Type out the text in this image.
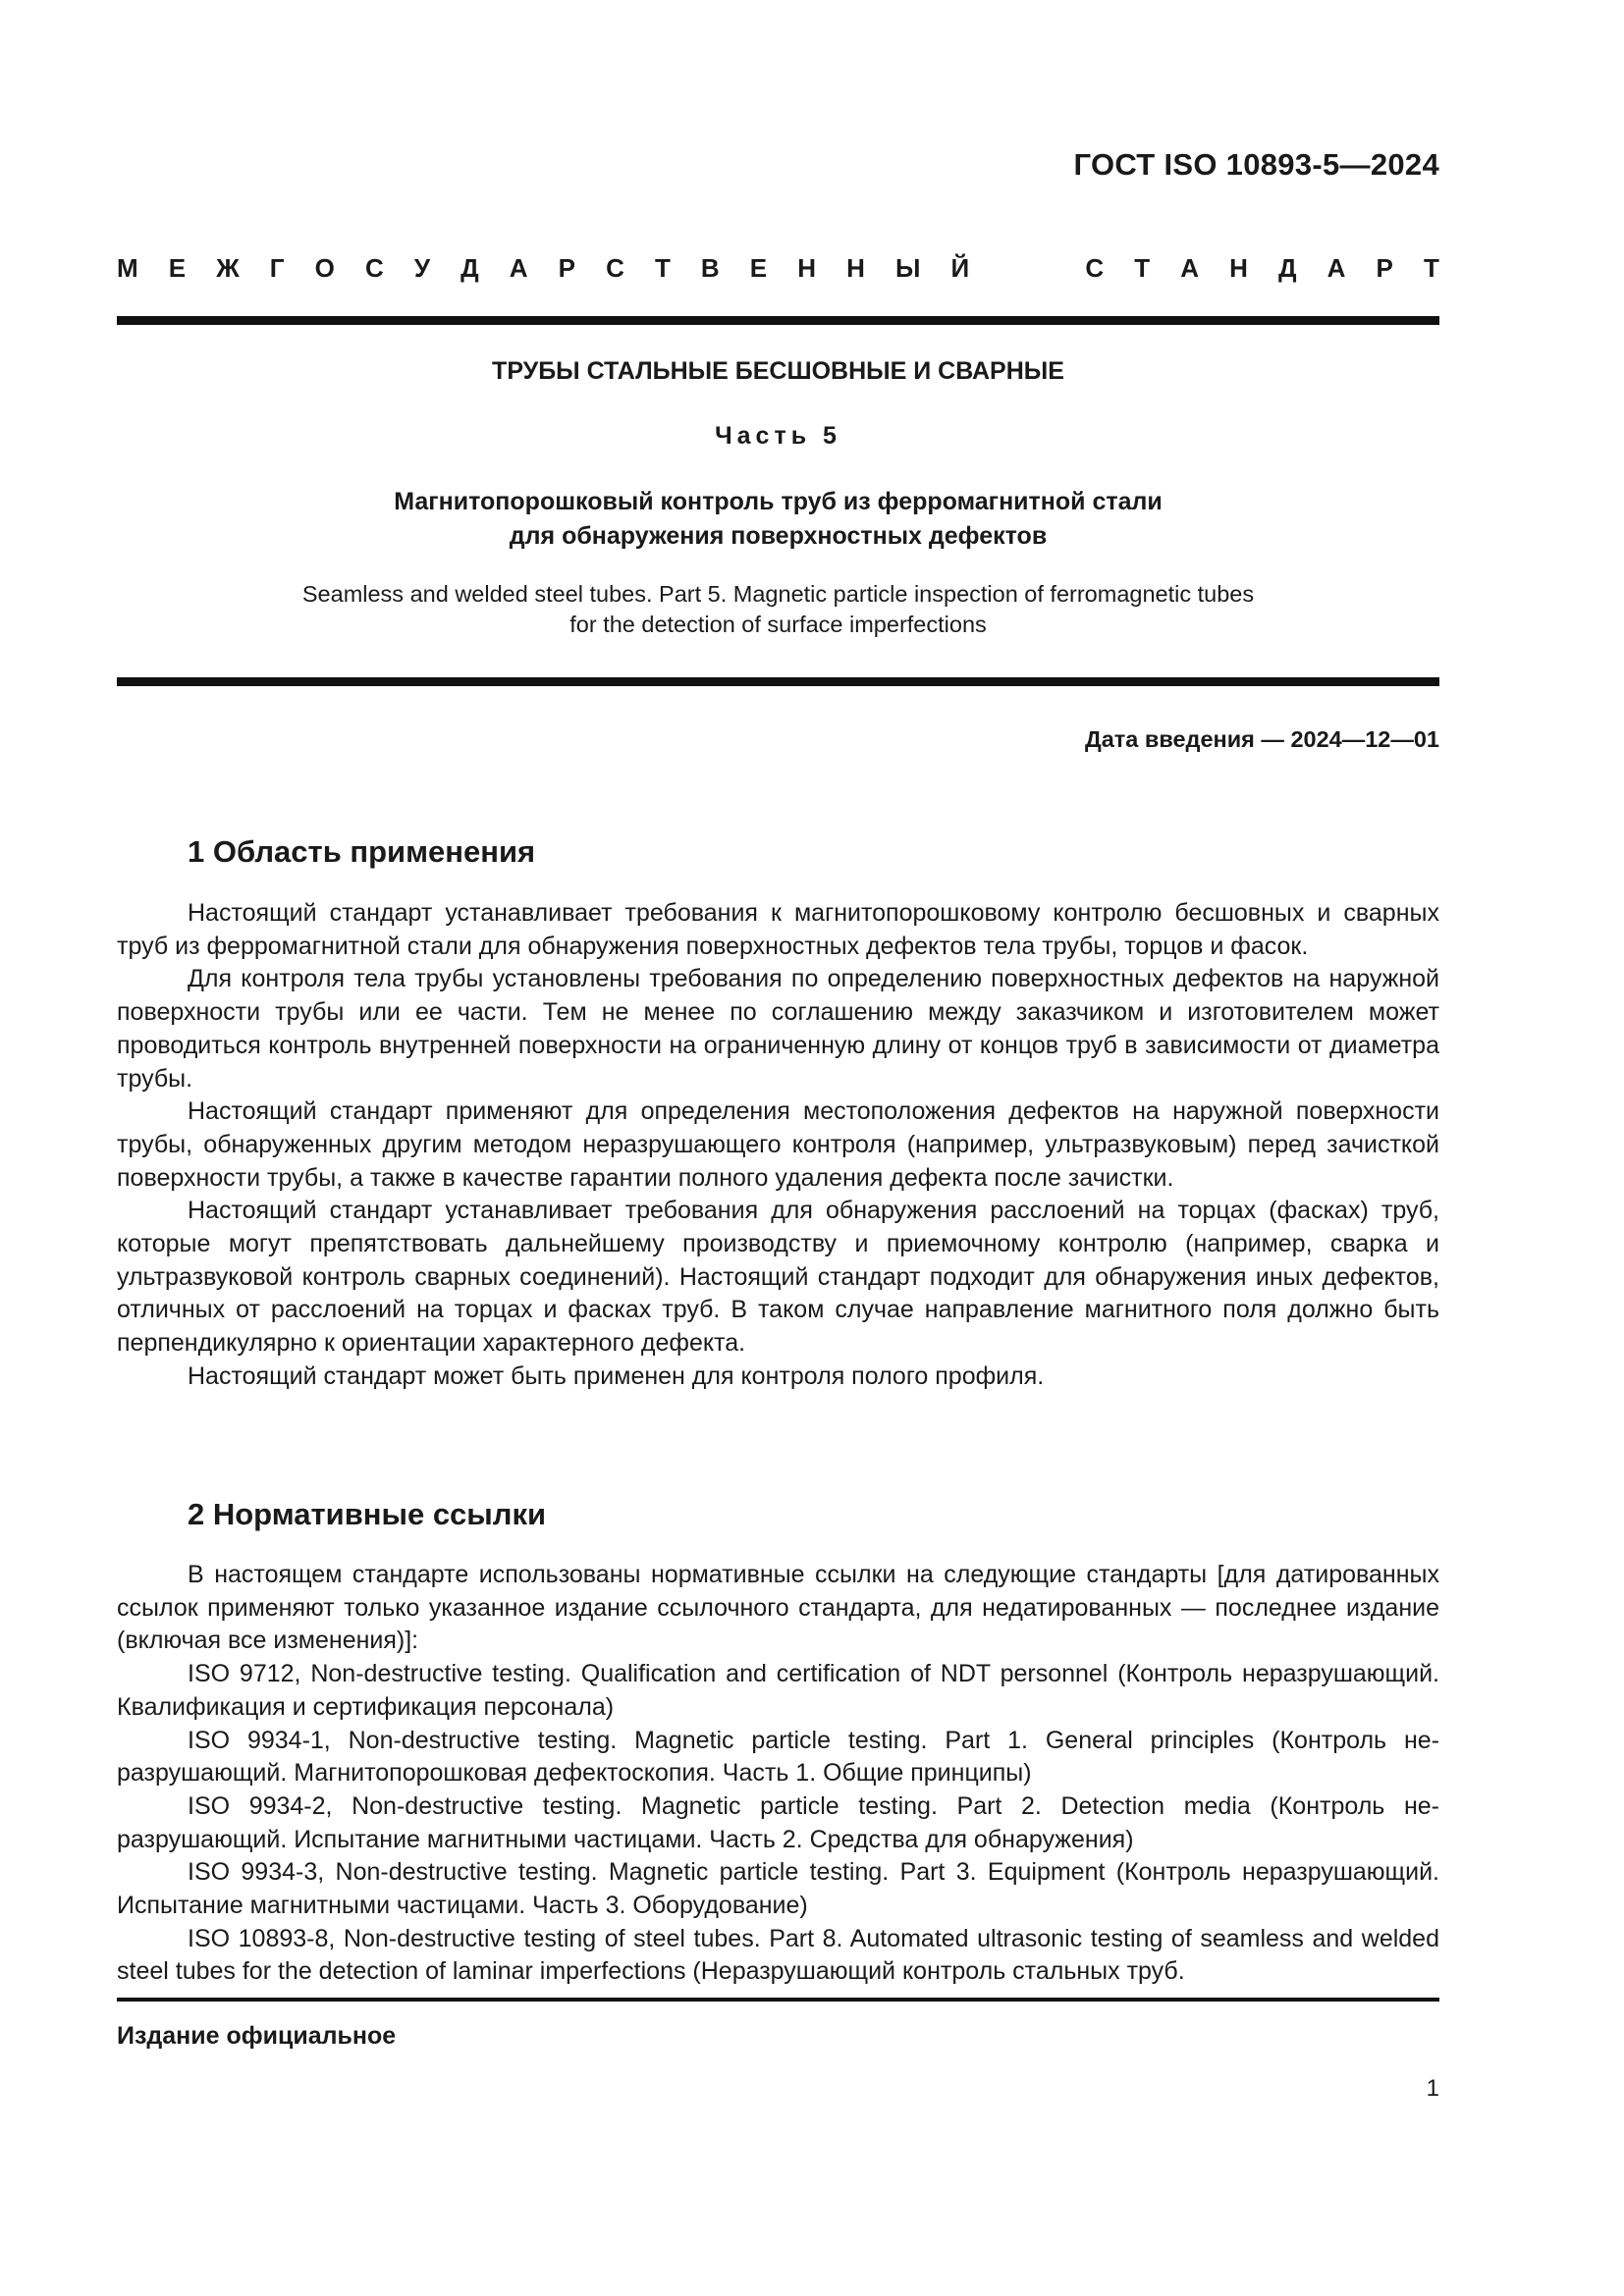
ГОСТ ISO 10893-5—2024
М Е Ж Г О С У Д А Р С Т В Е Н Н Ы Й	С Т А Н Д А Р Т
ТРУБЫ СТАЛЬНЫЕ БЕСШОВНЫЕ И СВАРНЫЕ
Часть 5
Магнитопорошковый контроль труб из ферромагнитной стали
для обнаружения поверхностных дефектов
Seamless and welded steel tubes. Part 5. Magnetic particle inspection of ferromagnetic tubes
for the detection of surface imperfections
Дата введения — 2024—12—01
1 Область применения

Настоящий стандарт устанавливает требования к магнитопорошковому контролю бесшовных и сварных труб из ферромагнитной стали для обнаружения поверхностных дефектов тела трубы, торцов и фасок.

Для контроля тела трубы установлены требования по определению поверхностных дефектов на наружной поверхности трубы или ее части. Тем не менее по соглашению между заказчиком и изготовителем может проводиться контроль внутренней поверхности на ограниченную длину от концов труб в зависимости от диаметра трубы.

Настоящий стандарт применяют для определения местоположения дефектов на наружной поверхности трубы, обнаруженных другим методом неразрушающего контроля (например, ультразвуковым) перед зачисткой поверхности трубы, а также в качестве гарантии полного удаления дефекта после зачистки.

Настоящий стандарт устанавливает требования для обнаружения расслоений на торцах (фасках) труб, которые могут препятствовать дальнейшему производству и приемочному контролю (например, сварка и ультразвуковой контроль сварных соединений). Настоящий стандарт подходит для обнаружения иных дефектов, отличных от расслоений на торцах и фасках труб. В таком случае направление магнитного поля должно быть перпендикулярно к ориентации характерного дефекта.

Настоящий стандарт может быть применен для контроля полого профиля.

2 Нормативные ссылки

В настоящем стандарте использованы нормативные ссылки на следующие стандарты [для датированных ссылок применяют только указанное издание ссылочного стандарта, для недатированных — последнее издание (включая все изменения)]:

ISO 9712, Non-destructive testing. Qualification and certification of NDT personnel (Контроль неразрушающий. Квалификация и сертификация персонала)

ISO 9934-1, Non-destructive testing. Magnetic particle testing. Part 1. General principles (Контроль неразрушающий. Магнитопорошковая дефектоскопия. Часть 1. Общие принципы)

ISO 9934-2, Non-destructive testing. Magnetic particle testing. Part 2. Detection media (Контроль неразрушающий. Испытание магнитными частицами. Часть 2. Средства для обнаружения)

ISO 9934-3, Non-destructive testing. Magnetic particle testing. Part 3. Equipment (Контроль неразрушающий. Испытание магнитными частицами. Часть 3. Оборудование)

ISO 10893-8, Non-destructive testing of steel tubes. Part 8. Automated ultrasonic testing of seamless and welded steel tubes for the detection of laminar imperfections (Неразрушающий контроль стальных труб.

Издание официальное
1
